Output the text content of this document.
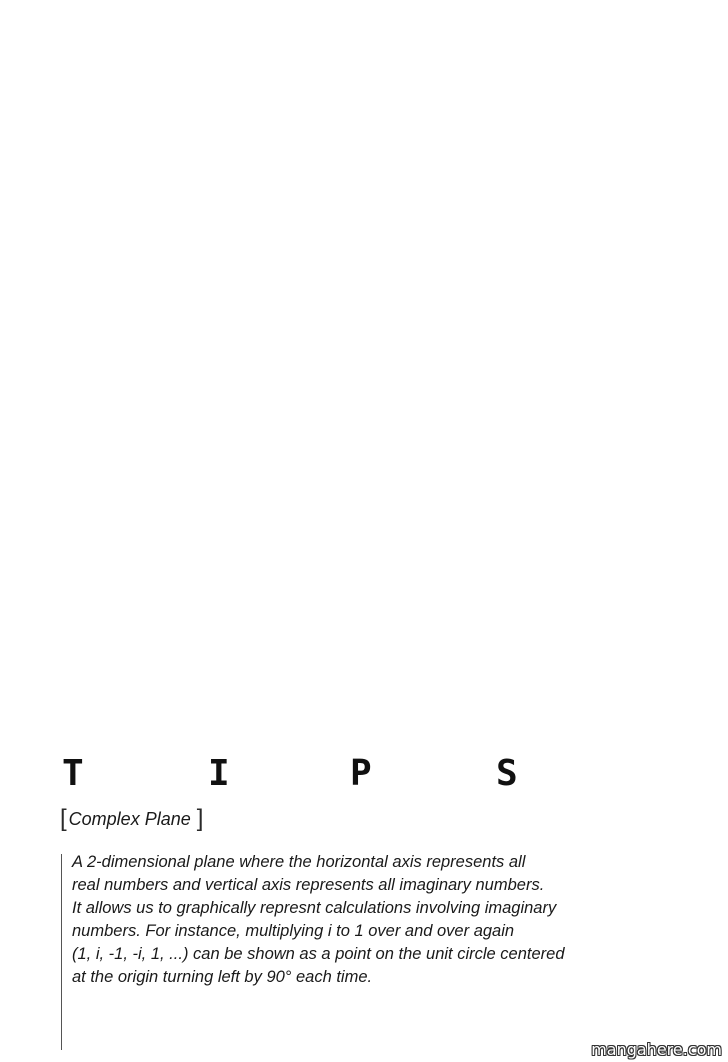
T	I	P	S
[ Complex Plane ]
A 2-dimensional plane where the horizontal axis represents all
real numbers and vertical axis represents all imaginary numbers.
It allows us to graphically represnt calculations involving imaginary
numbers. For instance, multiplying i to 1 over and over again
(1, i, -1, -i, 1, ...) can be shown as a point on the unit circle centered
at the origin turning left by 90° each time.
mangahere.com
